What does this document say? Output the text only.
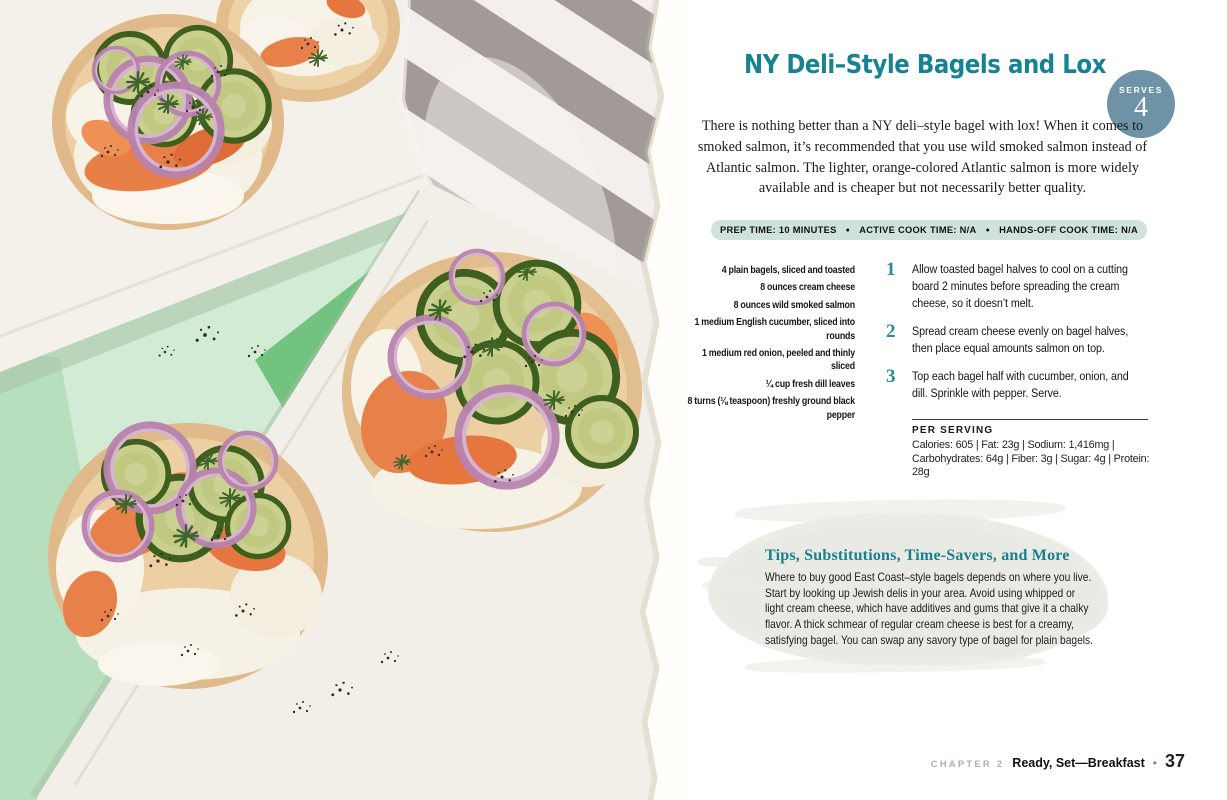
NY Deli–Style Bagels and Lox
SERVES
4

There is nothing better than a NY deli–style bagel with lox! When it comes to smoked salmon, it’s recommended that you use wild smoked salmon instead of Atlantic salmon. The lighter, orange-colored Atlantic salmon is more widely available and is cheaper but not necessarily better quality.

PREP TIME: 10 MINUTES ● ACTIVE COOK TIME: N/A ● HANDS-OFF COOK TIME: N/A
4 plain bagels, sliced and toasted
8 ounces cream cheese
8 ounces wild smoked salmon
1 medium English cucumber, sliced into rounds
1 medium red onion, peeled and thinly sliced
¼ cup fresh dill leaves
8 turns (⅛ teaspoon) freshly ground black pepper
1	Allow toasted bagel halves to cool on a cutting board 2 minutes before spreading the cream cheese, so it doesn’t melt.

2	Spread cream cheese evenly on bagel halves, then place equal amounts salmon on top.

3	Top each bagel half with cucumber, onion, and dill. Sprinkle with pepper. Serve.

PER SERVING
Calories: 605 | Fat: 23g | Sodium: 1,416mg | Carbohydrates: 64g | Fiber: 3g | Sugar: 4g | Protein: 28g
Tips, Substitutions, Time-Savers, and More

Where to buy good East Coast–style bagels depends on where you live. Start by looking up Jewish delis in your area. Avoid using whipped or light cream cheese, which have additives and gums that give it a chalky flavor. A thick schmear of regular cream cheese is best for a creamy, satisfying bagel. You can swap any savory type of bagel for plain bagels.

CHAPTER 2 Ready, Set—Breakfast • 37
